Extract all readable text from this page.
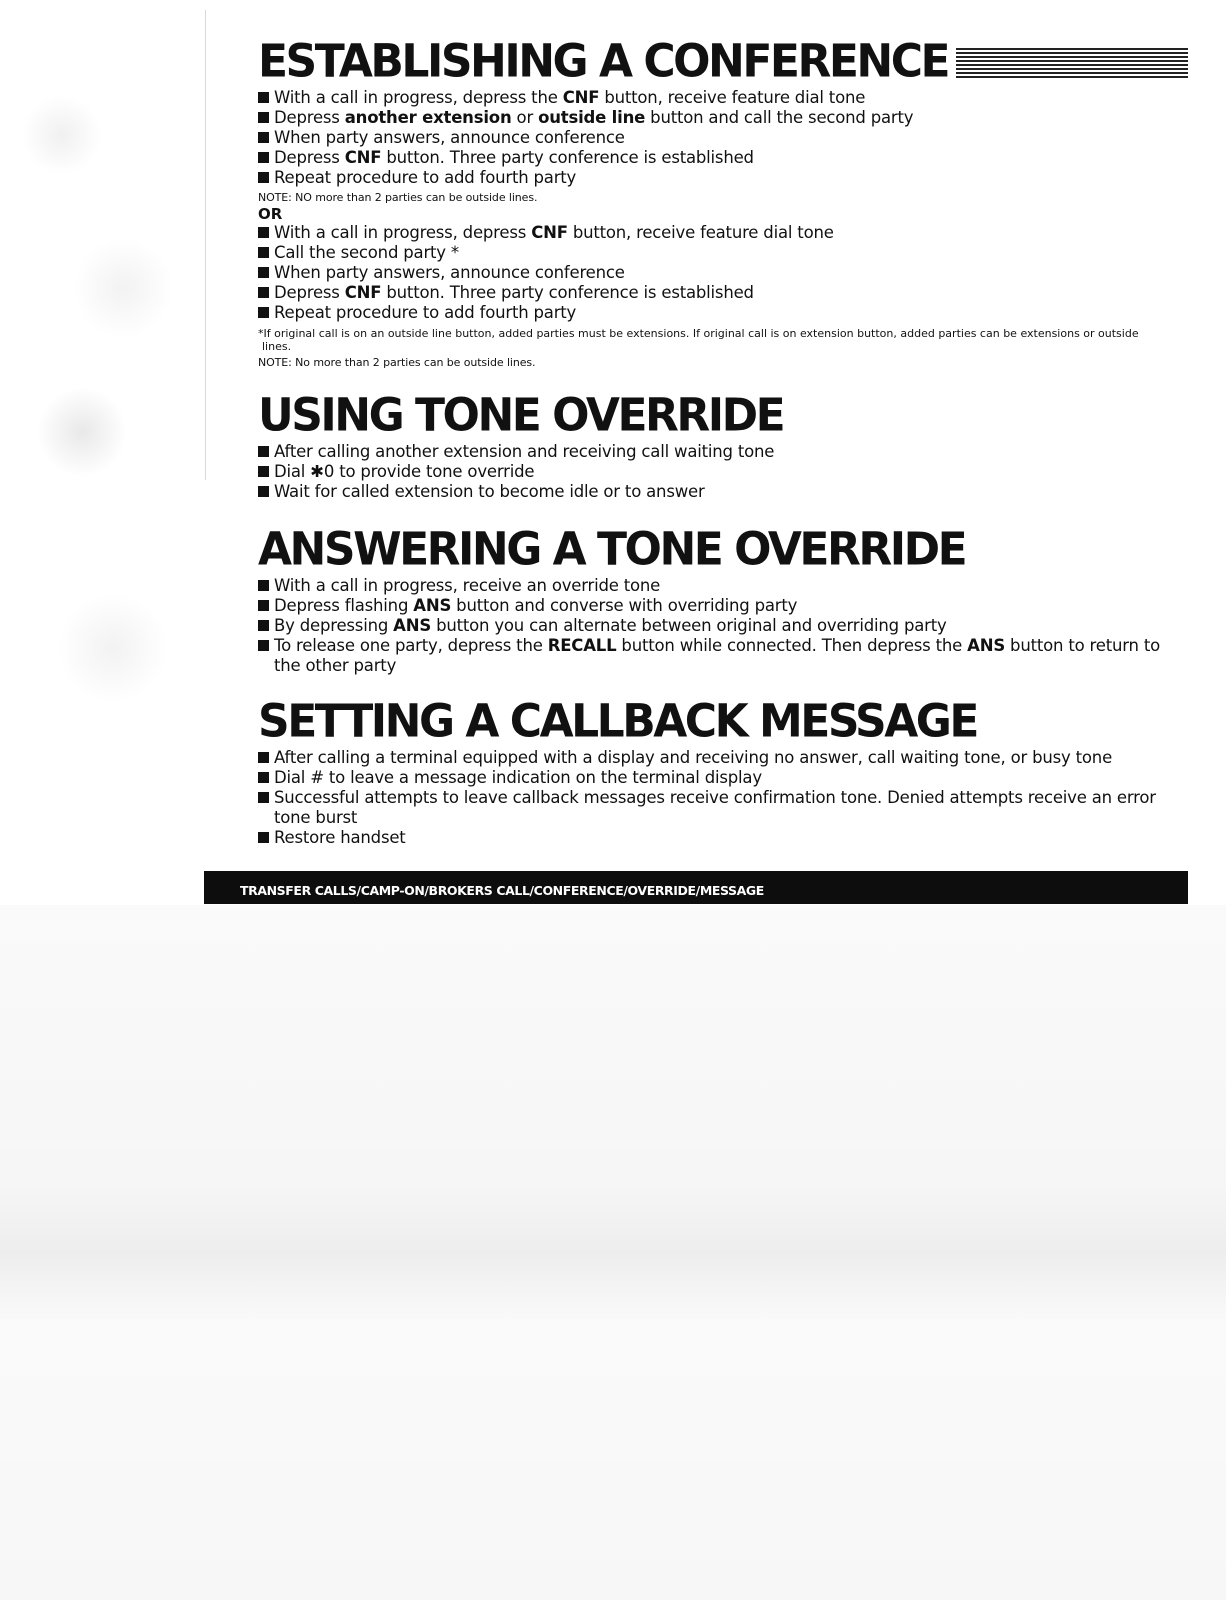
ESTABLISHING A CONFERENCE
With a call in progress, depress the CNF button, receive feature dial tone
Depress another extension or outside line button and call the second party
When party answers, announce conference
Depress CNF button. Three party conference is established
Repeat procedure to add fourth party

NOTE: NO more than 2 parties can be outside lines.

OR

With a call in progress, depress CNF button, receive feature dial tone
Call the second party *
When party answers, announce conference
Depress CNF button. Three party conference is established
Repeat procedure to add fourth party

*If original call is on an outside line button, added parties must be extensions. If original call is on extension button, added parties can be extensions or outside lines.

NOTE: No more than 2 parties can be outside lines.

USING TONE OVERRIDE
After calling another extension and receiving call waiting tone
Dial ✱0 to provide tone override
Wait for called extension to become idle or to answer
ANSWERING A TONE OVERRIDE
With a call in progress, receive an override tone
Depress flashing ANS button and converse with overriding party
By depressing ANS button you can alternate between original and overriding party
To release one party, depress the RECALL button while connected. Then depress the ANS button to return to the other party
SETTING A CALLBACK MESSAGE
After calling a terminal equipped with a display and receiving no answer, call waiting tone, or busy tone
Dial # to leave a message indication on the terminal display
Successful attempts to leave callback messages receive confirmation tone. Denied attempts receive an error tone burst
Restore handset
TRANSFER CALLS/CAMP-ON/BROKERS CALL/CONFERENCE/OVERRIDE/MESSAGE
